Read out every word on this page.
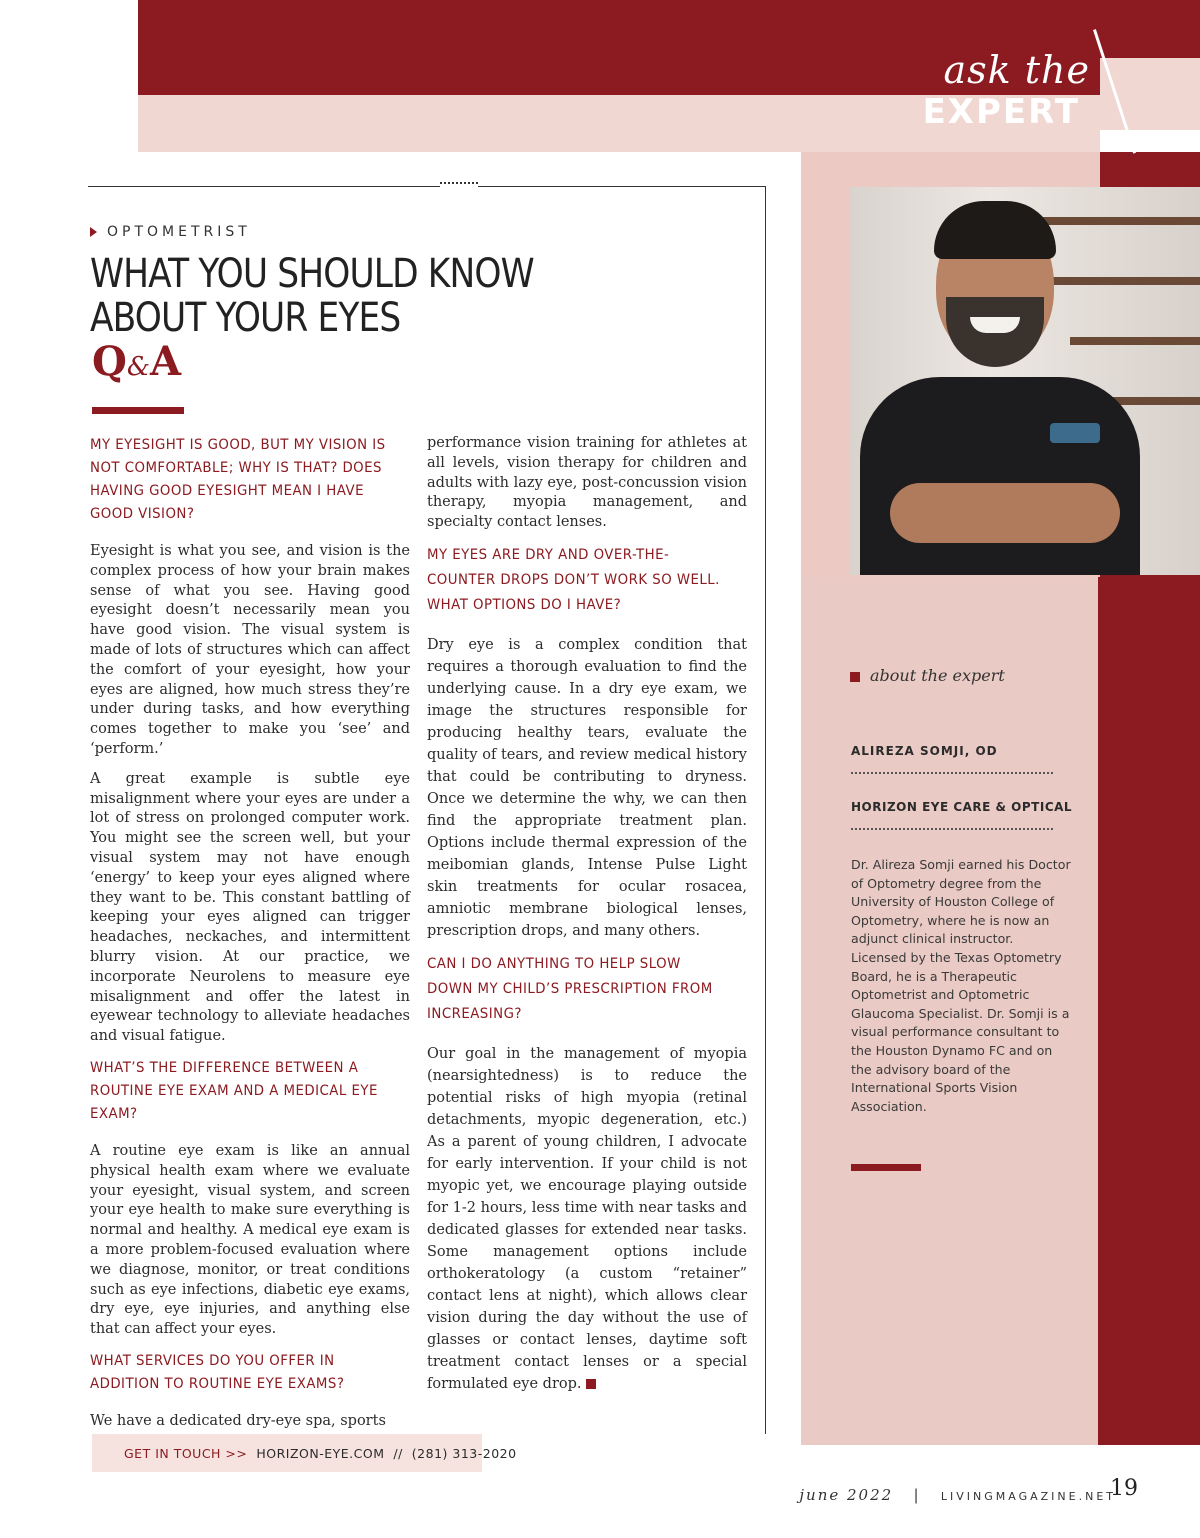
ask the
EXPERT
OPTOMETRIST
WHAT YOU SHOULD KNOW
ABOUT YOUR EYES
Q&A
MY EYESIGHT IS GOOD, BUT MY VISION IS NOT COMFORTABLE; WHY IS THAT? DOES HAVING GOOD EYESIGHT MEAN I HAVE GOOD VISION?

Eyesight is what you see, and vision is the complex process of how your brain makes sense of what you see. Having good eyesight doesn’t necessarily mean you have good vision. The visual system is made of lots of structures which can affect the comfort of your eyesight, how your eyes are aligned, how much stress they’re under during tasks, and how everything comes together to make you ‘see’ and ‘perform.’

A great example is subtle eye misalignment where your eyes are under a lot of stress on prolonged computer work. You might see the screen well, but your visual system may not have enough ‘energy’ to keep your eyes aligned where they want to be. This constant battling of keeping your eyes aligned can trigger headaches, neckaches, and intermittent blurry vision. At our practice, we incorporate Neurolens to measure eye misalignment and offer the latest in eyewear technology to alleviate headaches and visual fatigue.

WHAT’S THE DIFFERENCE BETWEEN A ROUTINE EYE EXAM AND A MEDICAL EYE EXAM?

A routine eye exam is like an annual physical health exam where we evaluate your eyesight, visual system, and screen your eye health to make sure everything is normal and healthy. A medical eye exam is a more problem-focused evaluation where we diagnose, monitor, or treat conditions such as eye infections, diabetic eye exams, dry eye, eye injuries, and anything else that can affect your eyes.

WHAT SERVICES DO YOU OFFER IN ADDITION TO ROUTINE EYE EXAMS?

We have a dedicated dry-eye spa, sports

performance vision training for athletes at all levels, vision therapy for children and adults with lazy eye, post-concussion vision therapy, myopia management, and specialty contact lenses.

MY EYES ARE DRY AND OVER-THE-COUNTER DROPS DON’T WORK SO WELL. WHAT OPTIONS DO I HAVE?

Dry eye is a complex condition that requires a thorough evaluation to find the underlying cause. In a dry eye exam, we image the structures responsible for producing healthy tears, evaluate the quality of tears, and review medical history that could be contributing to dryness. Once we determine the why, we can then find the appropriate treatment plan. Options include thermal expression of the meibomian glands, Intense Pulse Light skin treatments for ocular rosacea, amniotic membrane biological lenses, prescription drops, and many others.

CAN I DO ANYTHING TO HELP SLOW DOWN MY CHILD’S PRESCRIPTION FROM INCREASING?

Our goal in the management of myopia (nearsightedness) is to reduce the potential risks of high myopia (retinal detachments, myopic degeneration, etc.) As a parent of young children, I advocate for early intervention. If your child is not myopic yet, we encourage playing outside for 1-2 hours, less time with near tasks and dedicated glasses for extended near tasks. Some management options include orthokeratology (a custom “retainer” contact lens at night), which allows clear vision during the day without the use of glasses or contact lenses, daytime soft treatment contact lenses or a special formulated eye drop.

about the expert
ALIREZA SOMJI, OD
HORIZON EYE CARE & OPTICAL
Dr. Alireza Somji earned his Doctor of Optometry degree from the University of Houston College of Optometry, where he is now an adjunct clinical instructor. Licensed by the Texas Optometry Board, he is a Therapeutic Optometrist and Optometric Glaucoma Specialist. Dr. Somji is a visual performance consultant to the Houston Dynamo FC and on the advisory board of the International Sports Vision Association.
GET IN TOUCH >> HORIZON-EYE.COM  //  (281) 313-2020
june 2022 | LIVINGMAGAZINE.NET
19
